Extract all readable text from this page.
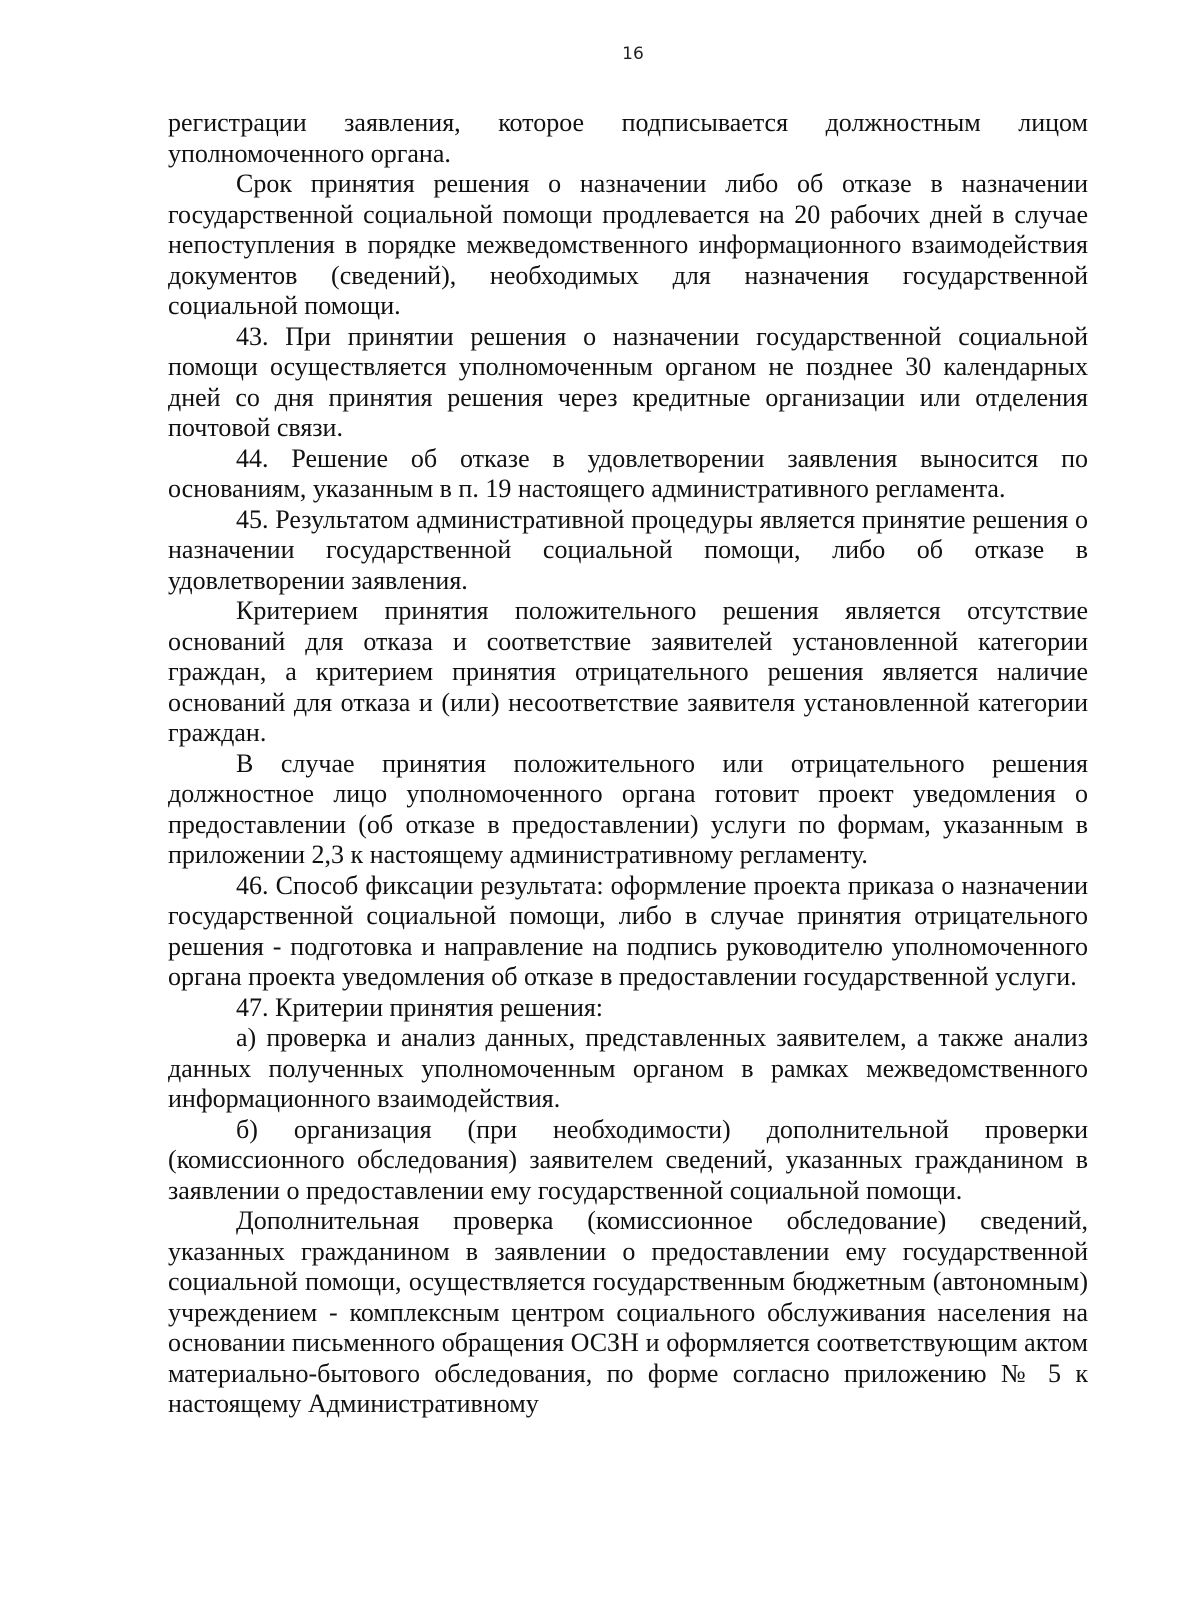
16

регистрации заявления, которое подписывается должностным лицом уполномоченного органа.

Срок принятия решения о назначении либо об отказе в назначении государственной социальной помощи продлевается на 20 рабочих дней в случае непоступления в порядке межведомственного информационного взаимодействия документов (сведений), необходимых для назначения государственной социальной помощи.

43. При принятии решения о назначении государственной социальной помощи осуществляется уполномоченным органом не позднее 30 календарных дней со дня принятия решения через кредитные организации или отделения почтовой связи.

44. Решение об отказе в удовлетворении заявления выносится по основаниям, указанным в п. 19 настоящего административного регламента.

45. Результатом административной процедуры является принятие решения о назначении государственной социальной помощи, либо об отказе в удовлетворении заявления.

Критерием принятия положительного решения является отсутствие оснований для отказа и соответствие заявителей установленной категории граждан, а критерием принятия отрицательного решения является наличие оснований для отказа и (или) несоответствие заявителя установленной категории граждан.

В случае принятия положительного или отрицательного решения должностное лицо уполномоченного органа готовит проект уведомления о предоставлении (об отказе в предоставлении) услуги по формам, указанным в приложении 2,3 к настоящему административному регламенту.

46. Способ фиксации результата: оформление проекта приказа о назначении государственной социальной помощи, либо в случае принятия отрицательного решения - подготовка и направление на подпись руководителю уполномоченного органа проекта уведомления об отказе в предоставлении государственной услуги.

47. Критерии принятия решения:

а) проверка и анализ данных, представленных заявителем, а также анализ данных полученных уполномоченным органом в рамках межведомственного информационного взаимодействия.

б) организация (при необходимости) дополнительной проверки (комиссионного обследования) заявителем сведений, указанных гражданином в заявлении о предоставлении ему государственной социальной помощи.

Дополнительная проверка (комиссионное обследование) сведений, указанных гражданином в заявлении о предоставлении ему государственной социальной помощи, осуществляется государственным бюджетным (автономным) учреждением - комплексным центром социального обслуживания населения на основании письменного обращения ОСЗН и оформляется соответствующим актом материально-бытового обследования, по форме согласно приложению № 5 к настоящему Административному
